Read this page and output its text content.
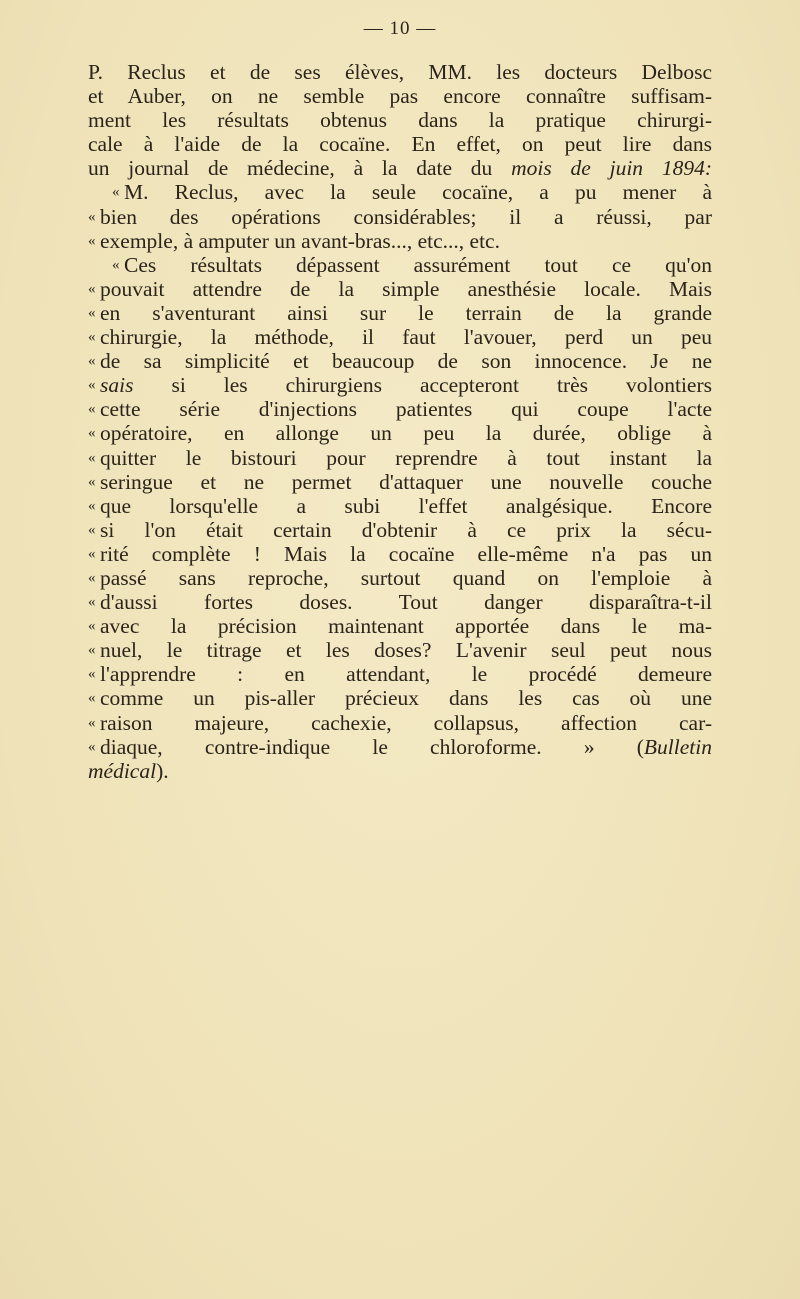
— 10 —
P. Reclus et de ses élèves, MM. les docteurs Delbosc
et Auber, on ne semble pas encore connaître suffisam-
ment les résultats obtenus dans la pratique chirurgi-
cale à l'aide de la cocaïne. En effet, on peut lire dans
un journal de médecine, à la date du mois de juin 1894:
« M. Reclus, avec la seule cocaïne, a pu mener à
« bien des opérations considérables; il a réussi, par
« exemple, à amputer un avant-bras..., etc..., etc.
« Ces résultats dépassent assurément tout ce qu'on
« pouvait attendre de la simple anesthésie locale. Mais
« en s'aventurant ainsi sur le terrain de la grande
« chirurgie, la méthode, il faut l'avouer, perd un peu
« de sa simplicité et beaucoup de son innocence. Je ne
« sais si les chirurgiens accepteront très volontiers
« cette série d'injections patientes qui coupe l'acte
« opératoire, en allonge un peu la durée, oblige à
« quitter le bistouri pour reprendre à tout instant la
« seringue et ne permet d'attaquer une nouvelle couche
« que lorsqu'elle a subi l'effet analgésique. Encore
« si l'on était certain d'obtenir à ce prix la sécu-
« rité complète ! Mais la cocaïne elle-même n'a pas un
« passé sans reproche, surtout quand on l'emploie à
« d'aussi fortes doses. Tout danger disparaîtra-t-il
« avec la précision maintenant apportée dans le ma-
« nuel, le titrage et les doses? L'avenir seul peut nous
« l'apprendre : en attendant, le procédé demeure
« comme un pis-aller précieux dans les cas où une
« raison majeure, cachexie, collapsus, affection car-
« diaque, contre-indique le chloroforme. » (Bulletin
médical).
